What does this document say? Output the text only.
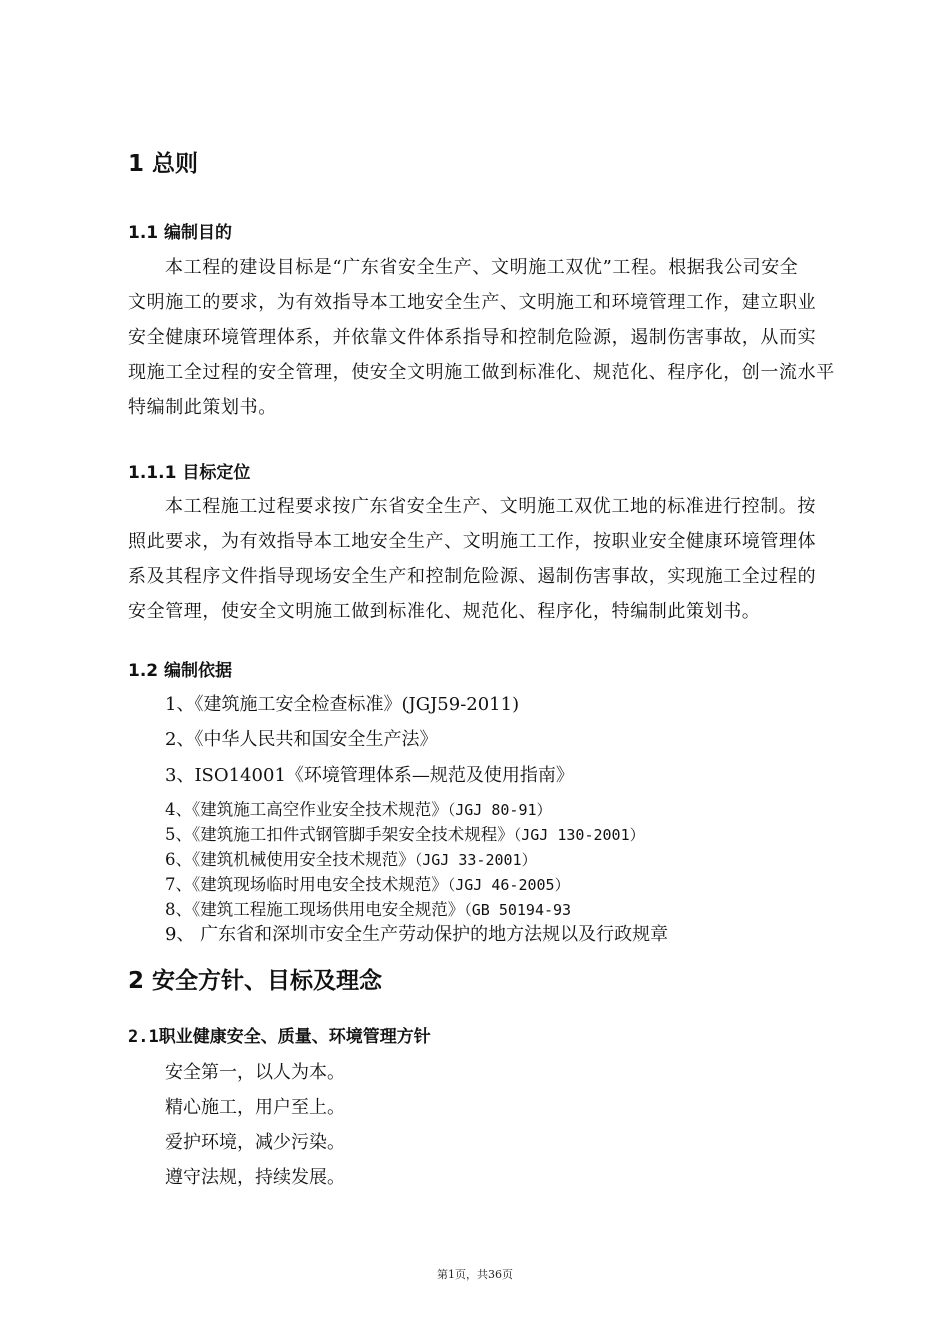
1 总则
1.1 编制目的

本工程的建设目标是“广东省安全生产、文明施工双优”工程。根据我公司安全

文明施工的要求，为有效指导本工地安全生产、文明施工和环境管理工作，建立职业

安全健康环境管理体系，并依靠文件体系指导和控制危险源，遏制伤害事故，从而实

现施工全过程的安全管理，使安全文明施工做到标准化、规范化、程序化，创一流水平

特编制此策划书。

1.1.1 目标定位

本工程施工过程要求按广东省安全生产、文明施工双优工地的标准进行控制。按

照此要求，为有效指导本工地安全生产、文明施工工作，按职业安全健康环境管理体

系及其程序文件指导现场安全生产和控制危险源、遏制伤害事故，实现施工全过程的

安全管理，使安全文明施工做到标准化、规范化、程序化，特编制此策划书。

1.2 编制依据

1、《建筑施工安全检查标准》(JGJ59-2011)

2、《中华人民共和国安全生产法》

3、ISO14001《环境管理体系—规范及使用指南》

4、《建筑施工高空作业安全技术规范》（JGJ 80-91）

5、《建筑施工扣件式钢管脚手架安全技术规程》（JGJ 130-2001）

6、《建筑机械使用安全技术规范》（JGJ 33-2001）

7、《建筑现场临时用电安全技术规范》（JGJ 46-2005）

8、《建筑工程施工现场供用电安全规范》（GB 50194-93

9、 广东省和深圳市安全生产劳动保护的地方法规以及行政规章

2 安全方针、目标及理念
2.1职业健康安全、质量、环境管理方针

安全第一，以人为本。

精心施工，用户至上。

爱护环境，减少污染。

遵守法规，持续发展。

第1页，共36页
